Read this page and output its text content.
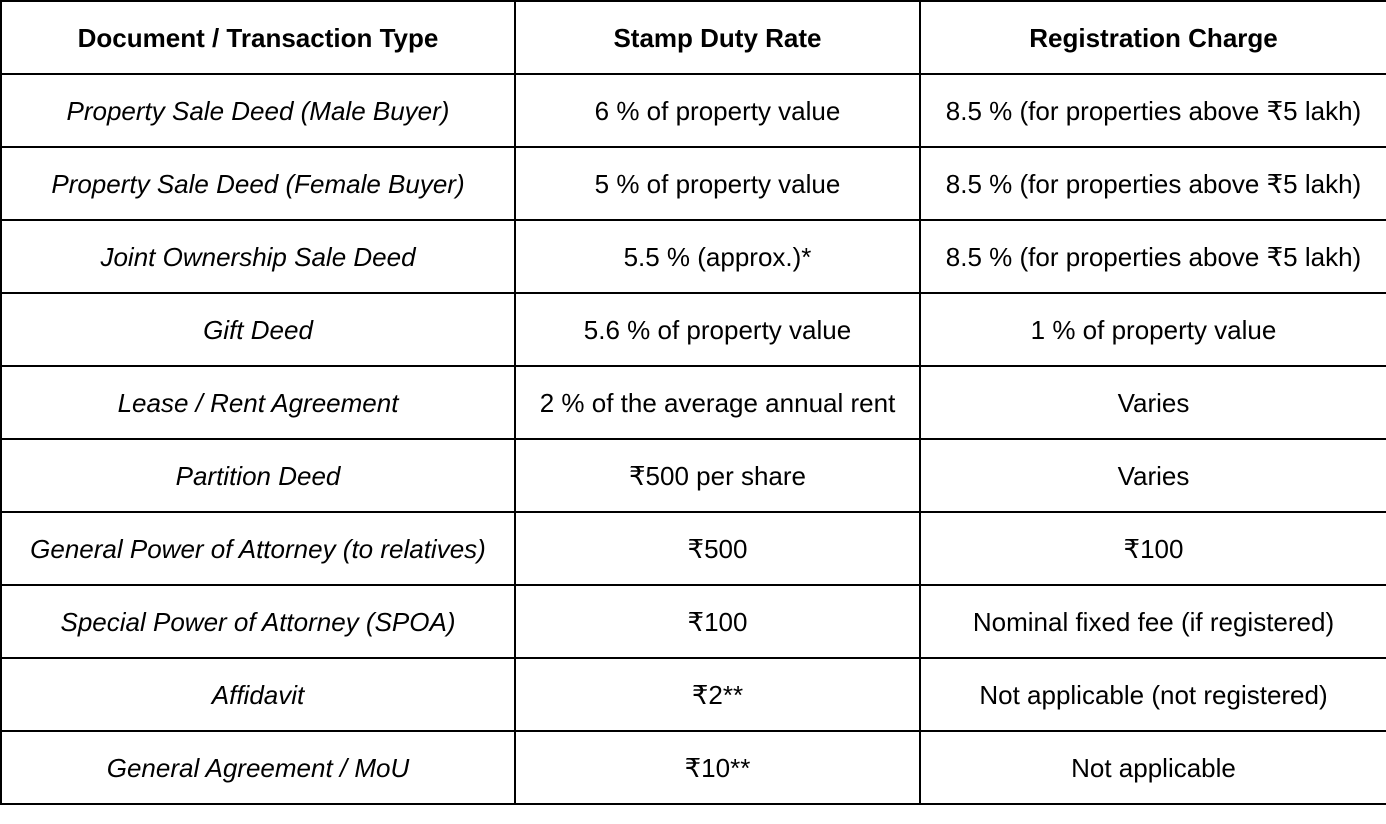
Document / Transaction Type	Stamp Duty Rate	Registration Charge
Property Sale Deed (Male Buyer)	6 % of property value	8.5 % (for properties above ₹5 lakh)
Property Sale Deed (Female Buyer)	5 % of property value	8.5 % (for properties above ₹5 lakh)
Joint Ownership Sale Deed	5.5 % (approx.)*	8.5 % (for properties above ₹5 lakh)
Gift Deed	5.6 % of property value	1 % of property value
Lease / Rent Agreement	2 % of the average annual rent	Varies
Partition Deed	₹500 per share	Varies
General Power of Attorney (to relatives)	₹500	₹100
Special Power of Attorney (SPOA)	₹100	Nominal fixed fee (if registered)
Affidavit	₹2**	Not applicable (not registered)
General Agreement / MoU	₹10**	Not applicable
